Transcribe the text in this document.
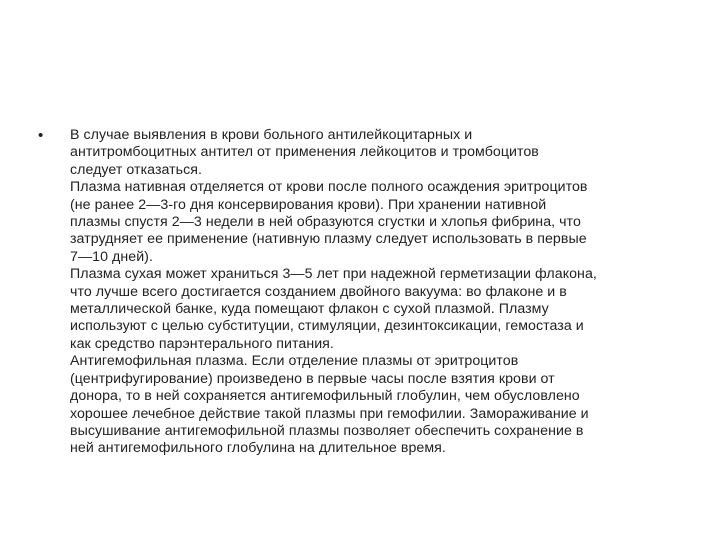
• В случае выявления в крови больного антилейкоцитарных и
антитромбоцитных антител от применения лейкоцитов и тромбоцитов
следует отказаться.
Плазма нативная отделяется от крови после полного осаждения эритроцитов
(не ранее 2—3-го дня консервирования крови). При хранении нативной
плазмы спустя 2—3 недели в ней образуются сгустки и хлопья фибрина, что
затрудняет ее применение (нативную плазму следует использовать в первые
7—10 дней).
Плазма сухая может храниться 3—5 лет при надежной герметизации флакона,
что лучше всего достигается созданием двойного вакуума: во флаконе и в
металлической банке, куда помещают флакон с сухой плазмой. Плазму
используют с целью субституции, стимуляции, дезинтоксикации, гемостаза и
как средство парэнтерального питания.
Антигемофильная плазма. Если отделение плазмы от эритроцитов
(центрифугирование) произведено в первые часы после взятия крови от
донора, то в ней сохраняется антигемофильный глобулин, чем обусловлено
хорошее лечебное действие такой плазмы при гемофилии. Замораживание и
высушивание антигемофильной плазмы позволяет обеспечить сохранение в
ней антигемофильного глобулина на длительное время.
